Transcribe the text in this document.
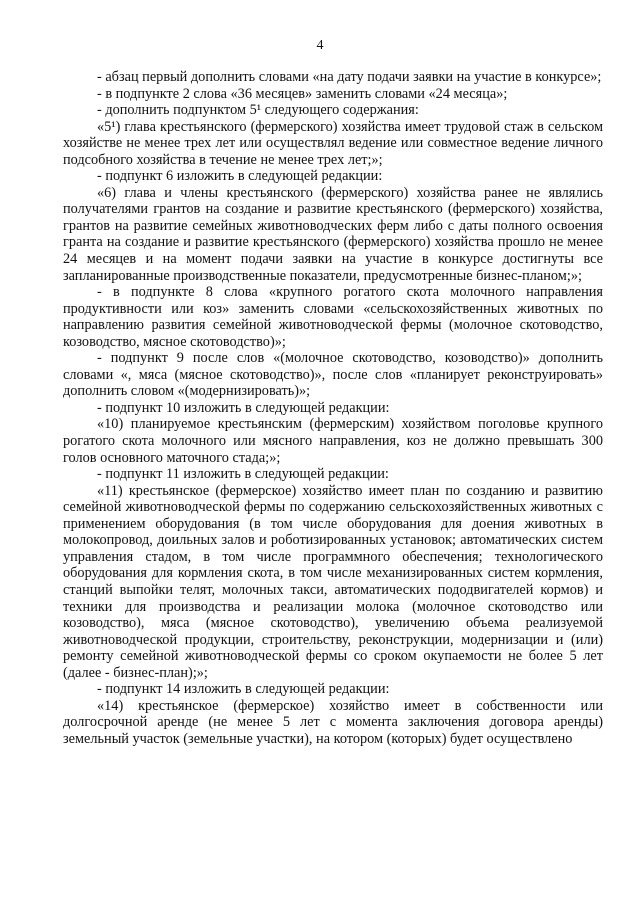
4

- абзац первый дополнить словами «на дату подачи заявки на участие в конкурсе»;

- в подпункте 2 слова «36 месяцев» заменить словами «24 месяца»;

- дополнить подпунктом 5¹ следующего содержания:

«5¹) глава крестьянского (фермерского) хозяйства имеет трудовой стаж в сельском хозяйстве не менее трех лет или осуществлял ведение или совместное ведение личного подсобного хозяйства в течение не менее трех лет;»;

- подпункт 6 изложить в следующей редакции:

«6) глава и члены крестьянского (фермерского) хозяйства ранее не являлись получателями грантов на создание и развитие крестьянского (фермерского) хозяйства, грантов на развитие семейных животноводческих ферм либо с даты полного освоения гранта на создание и развитие крестьянского (фермерского) хозяйства прошло не менее 24 месяцев и на момент подачи заявки на участие в конкурсе достигнуты все запланированные производственные показатели, предусмотренные бизнес-планом;»;

- в подпункте 8 слова «крупного рогатого скота молочного направления продуктивности или коз» заменить словами «сельскохозяйственных животных по направлению развития семейной животноводческой фермы (молочное скотоводство, козоводство, мясное скотоводство)»;

- подпункт 9 после слов «(молочное скотоводство, козоводство)» дополнить словами «, мяса (мясное скотоводство)», после слов «планирует реконструировать» дополнить словом «(модернизировать)»;

- подпункт 10 изложить в следующей редакции:

«10) планируемое крестьянским (фермерским) хозяйством поголовье крупного рогатого скота молочного или мясного направления, коз не должно превышать 300 голов основного маточного стада;»;

- подпункт 11 изложить в следующей редакции:

«11) крестьянское (фермерское) хозяйство имеет план по созданию и развитию семейной животноводческой фермы по содержанию сельскохозяйственных животных с применением оборудования (в том числе оборудования для доения животных в молокопровод, доильных залов и роботизированных установок; автоматических систем управления стадом, в том числе программного обеспечения; технологического оборудования для кормления скота, в том числе механизированных систем кормления, станций выпойки телят, молочных такси, автоматических пододвигателей кормов) и техники для производства и реализации молока (молочное скотоводство или козоводство), мяса (мясное скотоводство), увеличению объема реализуемой животноводческой продукции, строительству, реконструкции, модернизации и (или) ремонту семейной животноводческой фермы со сроком окупаемости не более 5 лет (далее - бизнес-план);»;

- подпункт 14 изложить в следующей редакции:

«14) крестьянское (фермерское) хозяйство имеет в собственности или долгосрочной аренде (не менее 5 лет с момента заключения договора аренды) земельный участок (земельные участки), на котором (которых) будет осуществлено
